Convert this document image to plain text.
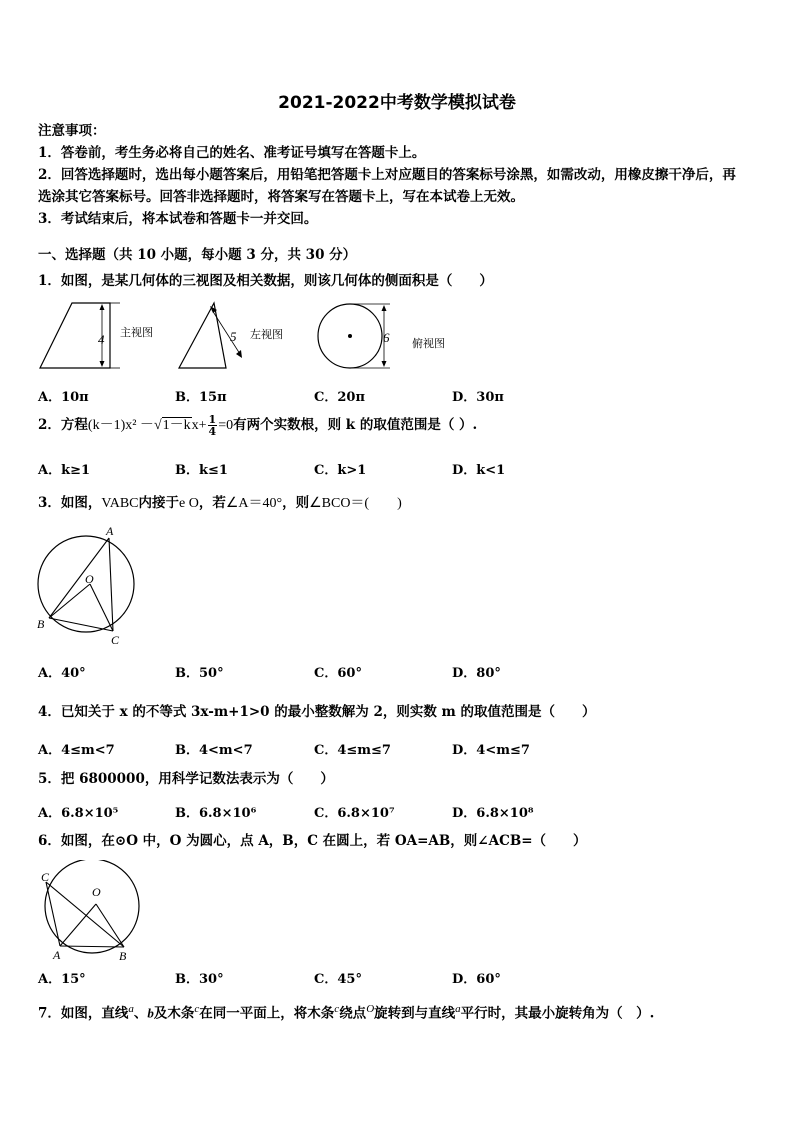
2021-2022中考数学模拟试卷
注意事项：
1．答卷前，考生务必将自己的姓名、准考证号填写在答题卡上。
2．回答选择题时，选出每小题答案后，用铅笔把答题卡上对应题目的答案标号涂黑，如需改动，用橡皮擦干净后，再
选涂其它答案标号。回答非选择题时，将答案写在答题卡上，写在本试卷上无效。
3．考试结束后，将本试卷和答题卡一并交回。
一、选择题（共 10 小题，每小题 3 分，共 30 分）
1．如图，是某几何体的三视图及相关数据，则该几何体的侧面积是（　　）
4 主视图	5 左视图	6 俯视图
A．10π	B．15π	C．20π	D．30π
2．方程$(k-1)x^2 -√1-kx+ \frac{1}{4} =0$有两个实数根，则 k 的取值范围是（ ）.
A．k≥1	B．k≤1	C．k>1	D．k<1
3．如图，VABC内接于e O，若∠A＝40°，则∠BCO＝(　　)
A
B
C
O
A．40°	B．50°	C．60°	D．80°
4．已知关于 x 的不等式 3x-m+1>0 的最小整数解为 2，则实数 m 的取值范围是（　　）
A．4≤m<7	B．4<m<7	C．4≤m≤7	D．4<m≤7
5．把 6800000，用科学记数法表示为（　　）
A．6.8×10⁵	B．6.8×10⁶	C．6.8×10⁷	D．6.8×10⁸
6．如图，在⊙O 中，O 为圆心，点 A，B，C 在圆上，若 OA=AB，则∠ACB=（　　）
C
O
A	B
A．15°	B．30°	C．45°	D．60°
7．如图，直线$^a$、b及木条$^c$在同一平面上，将木条$^c$绕点$^O$旋转到与直线$^a$平行时，其最小旋转角为（　）.
